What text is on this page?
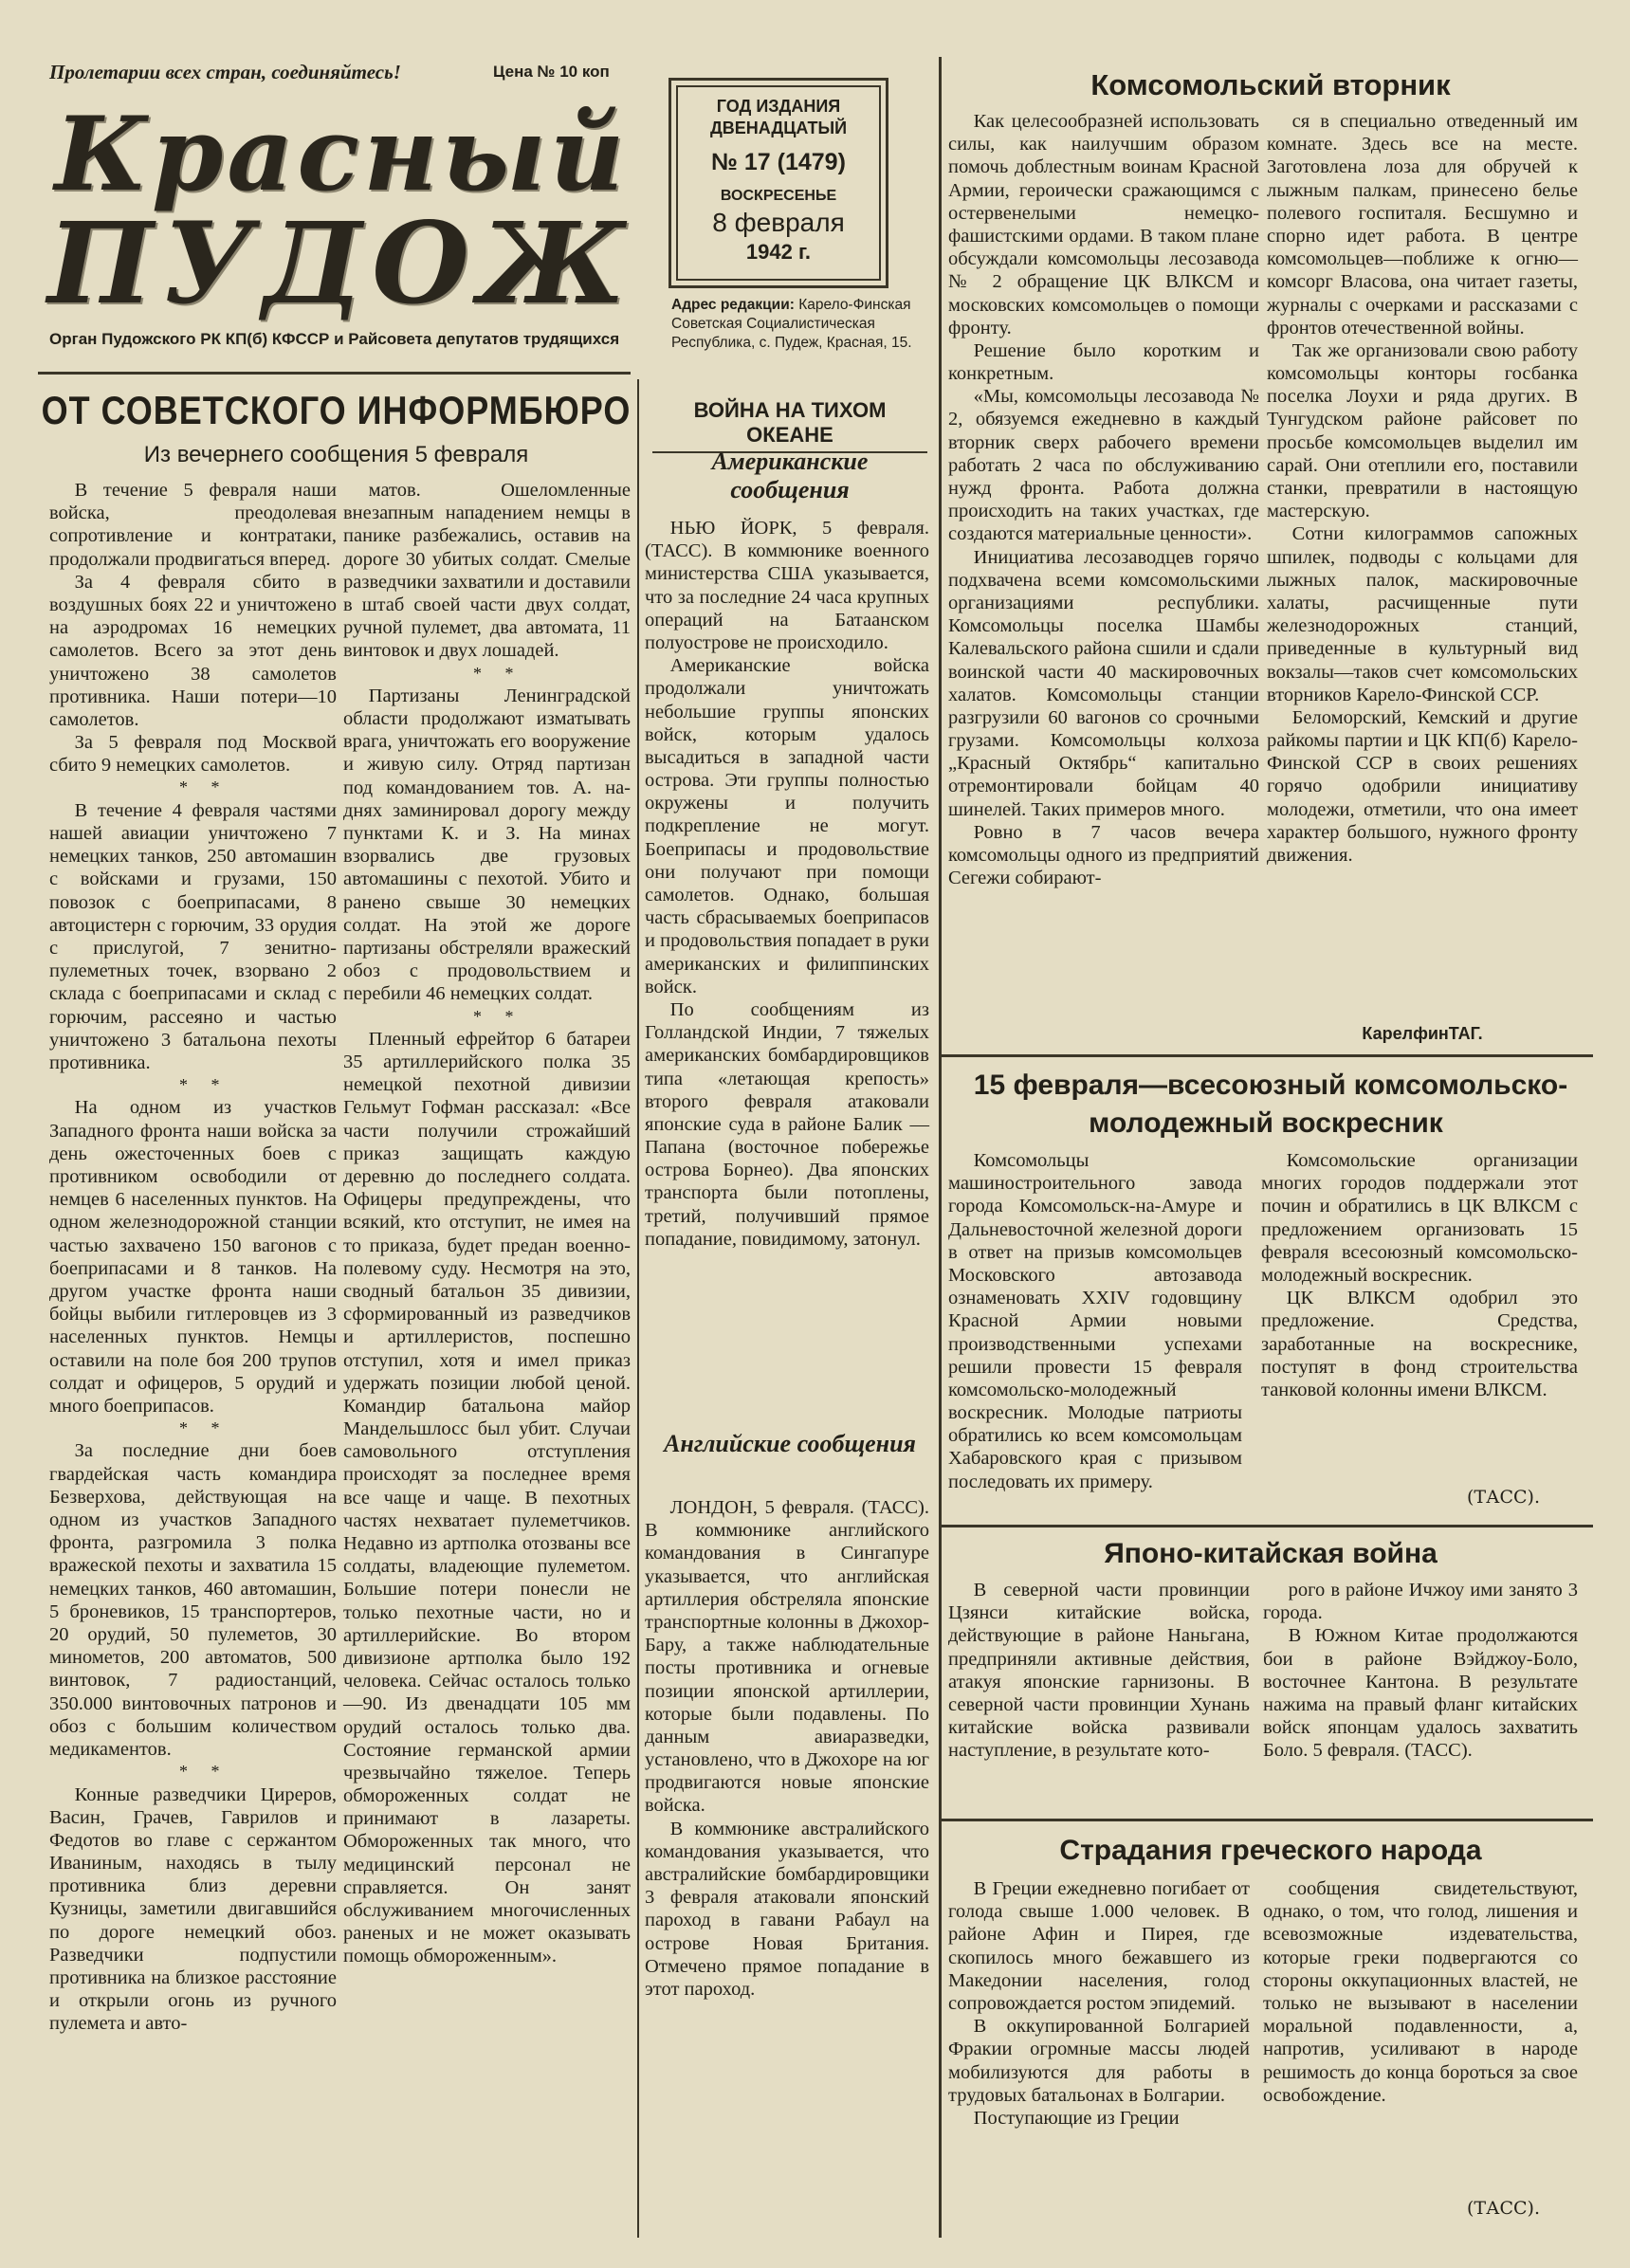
Пролетарии всех стран, соединяйтесь!	Цена № 10 коп
Красный
ПУДОЖ
Орган Пудожского РК КП(б) КФССР и Райсовета депутатов трудящихся
ГОД ИЗДАНИЯ ДВЕНАДЦАТЫЙ
№ 17 (1479)
ВОСКРЕСЕНЬЕ
8 февраля
1942 г.
Адрес редакции: Карело-Финская Советская Социалистическая Республика, с. Пудеж, Красная, 15.
ОТ СОВЕТСКОГО ИНФОРМБЮРО
Из вечернего сообщения 5 февраля

В течение 5 февраля наши войска, преодолевая сопротивление и контратаки, продолжали продвигаться вперед.

За 4 февраля сбито в воздушных боях 22 и уничтожено на аэродромах 16 немецких самолетов. Всего за этот день уничтожено 38 самолетов противника. Наши потери—10 самолетов.

За 5 февраля под Москвой сбито 9 немецких самолетов.

* *

В течение 4 февраля частями нашей авиации уничтожено 7 немецких танков, 250 автомашин с войсками и грузами, 150 повозок с боеприпасами, 8 автоцистерн с горючим, 33 орудия с прислугой, 7 зенитно-пулеметных точек, взорвано 2 склада с боеприпасами и склад с горючим, рассеяно и частью уничтожено 3 батальона пехоты противника.

* *

На одном из участков Западного фронта наши войска за день ожесточенных боев с противником освободили от немцев 6 населенных пунктов. На одном железнодорожной станции частью захвачено 150 вагонов с боеприпасами и 8 танков. На другом участке фронта наши бойцы выбили гитлеровцев из 3 населенных пунктов. Немцы оставили на поле боя 200 трупов солдат и офицеров, 5 орудий и много боеприпасов.

* *

За последние дни боев гвардейская часть командира Безверхова, действующая на одном из участков Западного фронта, разгромила 3 полка вражеской пехоты и захватила 15 немецких танков, 460 автомашин, 5 броневиков, 15 транспортеров, 20 орудий, 50 пулеметов, 30 минометов, 200 автоматов, 500 винтовок, 7 радиостанций, 350.000 винтовочных патронов и обоз с большим количеством медикаментов.

* *

Конные разведчики Циреров, Васин, Грачев, Гаврилов и Федотов во главе с сержантом Иваниным, находясь в тылу противника близ деревни Кузницы, заметили двигавшийся по дороге немецкий обоз. Разведчики подпустили противника на близкое расстояние и открыли огонь из ручного пулемета и авто-

матов. Ошеломленные внезапным нападением немцы в панике разбежались, оставив на дороге 30 убитых солдат. Смелые разведчики захватили и доставили в штаб своей части двух солдат, ручной пулемет, два автомата, 11 винтовок и двух лошадей.

* *

Партизаны Ленинградской области продолжают изматывать врага, уничтожать его вооружение и живую силу. Отряд партизан под командованием тов. А. на-днях заминировал дорогу между пунктами К. и З. На минах взорвались две грузовых автомашины с пехотой. Убито и ранено свыше 30 немецких солдат. На этой же дороге партизаны обстреляли вражеский обоз с продовольствием и перебили 46 немецких солдат.

* *

Пленный ефрейтор 6 батареи 35 артиллерийского полка 35 немецкой пехотной дивизии Гельмут Гофман рассказал: «Все части получили строжайший приказ защищать каждую деревню до последнего солдата. Офицеры предупреждены, что всякий, кто отступит, не имея на то приказа, будет предан военно-полевому суду. Несмотря на это, сводный батальон 35 дивизии, сформированный из разведчиков и артиллеристов, поспешно отступил, хотя и имел приказ удержать позиции любой ценой. Командир батальона майор Мандельшлосс был убит. Случаи самовольного отступления происходят за последнее время все чаще и чаще. В пехотных частях нехватает пулеметчиков. Недавно из артполка отозваны все солдаты, владеющие пулеметом. Большие потери понесли не только пехотные части, но и артиллерийские. Во втором дивизионе артполка было 192 человека. Сейчас осталось только—90. Из двенадцати 105 мм орудий осталось только два. Состояние германской армии чрезвычайно тяжелое. Теперь обмороженных солдат не принимают в лазареты. Обмороженных так много, что медицинский персонал не справляется. Он занят обслуживанием многочисленных раненых и не может оказывать помощь обмороженным».

ВОЙНА НА ТИХОМ ОКЕАНЕ
Американские сообщения

НЬЮ ЙОРК, 5 февраля. (ТАСС). В коммюнике военного министерства США указывается, что за последние 24 часа крупных операций на Батаанском полуострове не происходило.

Американские войска продолжали уничтожать небольшие группы японских войск, которым удалось высадиться в западной части острова. Эти группы полностью окружены и получить подкрепление не могут. Боеприпасы и продовольствие они получают при помощи самолетов. Однако, большая часть сбрасываемых боеприпасов и продовольствия попадает в руки американских и филиппинских войск.

По сообщениям из Голландской Индии, 7 тяжелых американских бомбардировщиков типа «летающая крепость» второго февраля атаковали японские суда в районе Балик — Папана (восточное побережье острова Борнео). Два японских транспорта были потоплены, третий, получивший прямое попадание, повидимому, затонул.

Английские сообщения

ЛОНДОН, 5 февраля. (ТАСС). В коммюнике английского командования в Сингапуре указывается, что английская артиллерия обстреляла японские транспортные колонны в Джохор-Бару, а также наблюдательные посты противника и огневые позиции японской артиллерии, которые были подавлены. По данным авиаразведки, установлено, что в Джохоре на юг продвигаются новые японские войска.

В коммюнике австралийского командования указывается, что австралийские бомбардировщики 3 февраля атаковали японский пароход в гавани Рабаул на острове Новая Британия. Отмечено прямое попадание в этот пароход.

Комсомольский вторник

Как целесообразней использовать силы, как наилучшим образом помочь доблестным воинам Красной Армии, героически сражающимся с остервенелыми немецко-фашистскими ордами. В таком плане обсуждали комсомольцы лесозавода № 2 обращение ЦК ВЛКСМ и московских комсомольцев о помощи фронту.

Решение было коротким и конкретным.

«Мы, комсомольцы лесозавода № 2, обязуемся ежедневно в каждый вторник сверх рабочего времени работать 2 часа по обслуживанию нужд фронта. Работа должна происходить на таких участках, где создаются материальные ценности».

Инициатива лесозаводцев горячо подхвачена всеми комсомольскими организациями республики. Комсомольцы поселка Шамбы Калевальского района сшили и сдали воинской части 40 маскировочных халатов. Комсомольцы станции разгрузили 60 вагонов со срочными грузами. Комсомольцы колхоза „Красный Октябрь“ капитально отремонтировали бойцам 40 шинелей. Таких примеров много.

Ровно в 7 часов вечера комсомольцы одного из предприятий Сегежи собирают-

ся в специально отведенный им комнате. Здесь все на месте. Заготовлена лоза для обручей к лыжным палкам, принесено белье полевого госпиталя. Бесшумно и спорно идет работа. В центре комсомольцев—поближе к огню—комсорг Власова, она читает газеты, журналы с очерками и рассказами с фронтов отечественной войны.

Так же организовали свою работу комсомольцы конторы госбанка поселка Лоухи и ряда других. В Тунгудском районе райсовет по просьбе комсомольцев выделил им сарай. Они отеплили его, поставили станки, превратили в настоящую мастерскую.

Сотни килограммов сапожных шпилек, подводы с кольцами для лыжных палок, маскировочные халаты, расчищенные пути железнодорожных станций, приведенные в культурный вид вокзалы—таков счет комсомольских вторников Карело-Финской ССР.

Беломорский, Кемский и другие райкомы партии и ЦК КП(б) Карело-Финской ССР в своих решениях горячо одобрили инициативу молодежи, отметили, что она имеет характер большого, нужного фронту движения.

КарелфинТАГ.
15 февраля—всесоюзный комсомольско-
молодежный воскресник

Комсомольцы машиностроительного завода города Комсомольск-на-Амуре и Дальневосточной железной дороги в ответ на призыв комсомольцев Московского автозавода ознаменовать XXIV годовщину Красной Армии новыми производственными успехами решили провести 15 февраля комсомольско-молодежный воскресник. Молодые патриоты обратились ко всем комсомольцам Хабаровского края с призывом последовать их примеру.

Комсомольские организации многих городов поддержали этот почин и обратились в ЦК ВЛКСМ с предложением организовать 15 февраля всесоюзный комсомольско-молодежный воскресник.

ЦК ВЛКСМ одобрил это предложение. Средства, заработанные на воскреснике, поступят в фонд строительства танковой колонны имени ВЛКСМ.

(ТАСС).
Японо-китайская война

В северной части провинции Цзянси китайские войска, действующие в районе Наньгана, предприняли активные действия, атакуя японские гарнизоны. В северной части провинции Хунань китайские войска развивали наступление, в результате кото-

рого в районе Ичжоу ими занято 3 города.

В Южном Китае продолжаются бои в районе Вэйджоу-Боло, восточнее Кантона. В результате нажима на правый фланг китайских войск японцам удалось захватить Боло. 5 февраля. (ТАСС).

Страдания греческого народа

В Греции ежедневно погибает от голода свыше 1.000 человек. В районе Афин и Пирея, где скопилось много бежавшего из Македонии населения, голод сопровождается ростом эпидемий.

В оккупированной Болгарией Фракии огромные массы людей мобилизуются для работы в трудовых батальонах в Болгарии.

Поступающие из Греции

сообщения свидетельствуют, однако, о том, что голод, лишения и всевозможные издевательства, которые греки подвергаются со стороны оккупационных властей, не только не вызывают в населении моральной подавленности, а, напротив, усиливают в народе решимость до конца бороться за свое освобождение.

(ТАСС).
